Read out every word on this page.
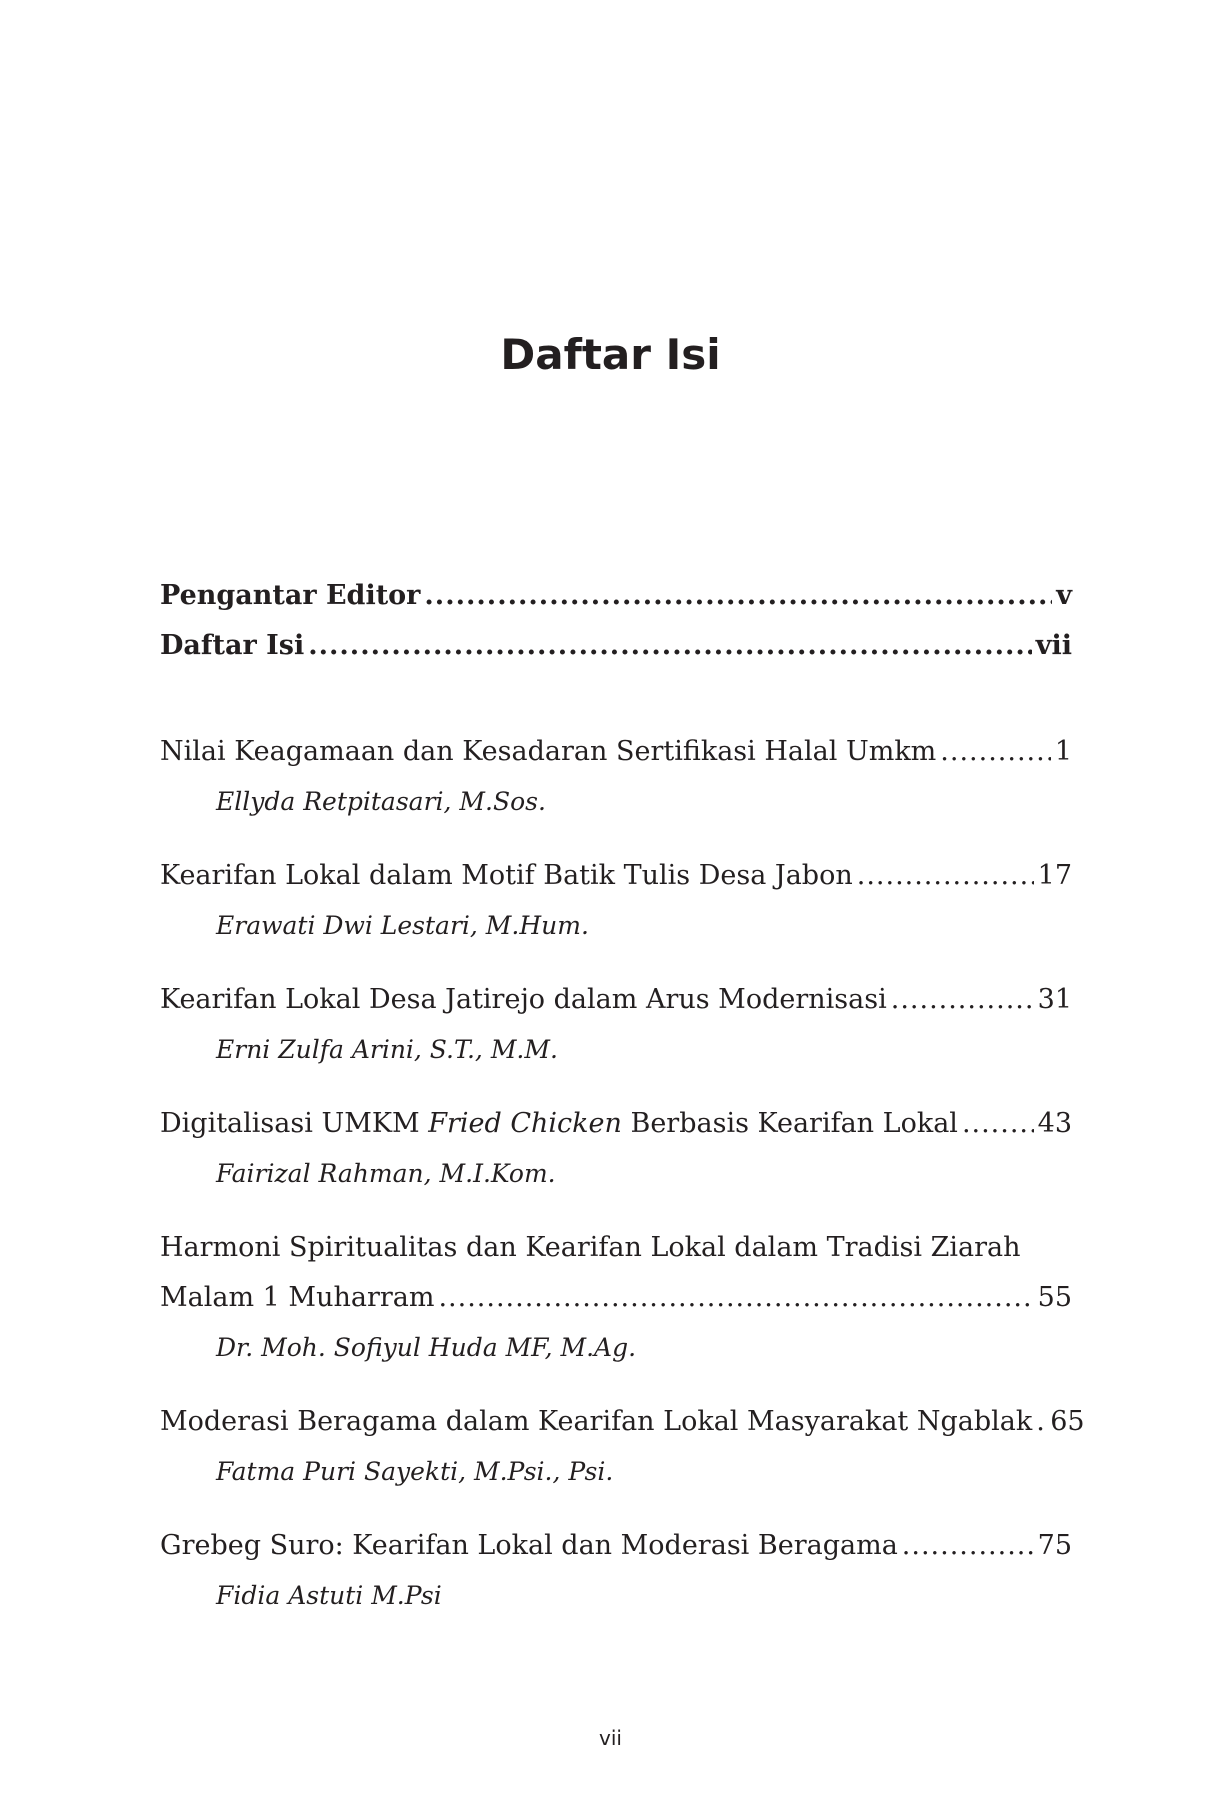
Daftar Isi
Pengantar Editor .....	v
Daftar Isi .....	vii
Nilai Keagamaan dan Kesadaran Sertifikasi Halal Umkm .....	1
Ellyda Retpitasari, M.Sos.
Kearifan Lokal dalam Motif Batik Tulis Desa Jabon .....	17
Erawati Dwi Lestari, M.Hum.
Kearifan Lokal Desa Jatirejo dalam Arus Modernisasi .....	31
Erni Zulfa Arini, S.T., M.M.
Digitalisasi UMKM Fried Chicken Berbasis Kearifan Lokal .....	43
Fairizal Rahman, M.I.Kom.
Harmoni Spiritualitas dan Kearifan Lokal dalam Tradisi Ziarah
Malam 1 Muharram .....	55
Dr. Moh. Sofiyul Huda MF, M.Ag.
Moderasi Beragama dalam Kearifan Lokal Masyarakat Ngablak ..... 65
Fatma Puri Sayekti, M.Psi., Psi.
Grebeg Suro: Kearifan Lokal dan Moderasi Beragama .....	75
Fidia Astuti M.Psi
vii
